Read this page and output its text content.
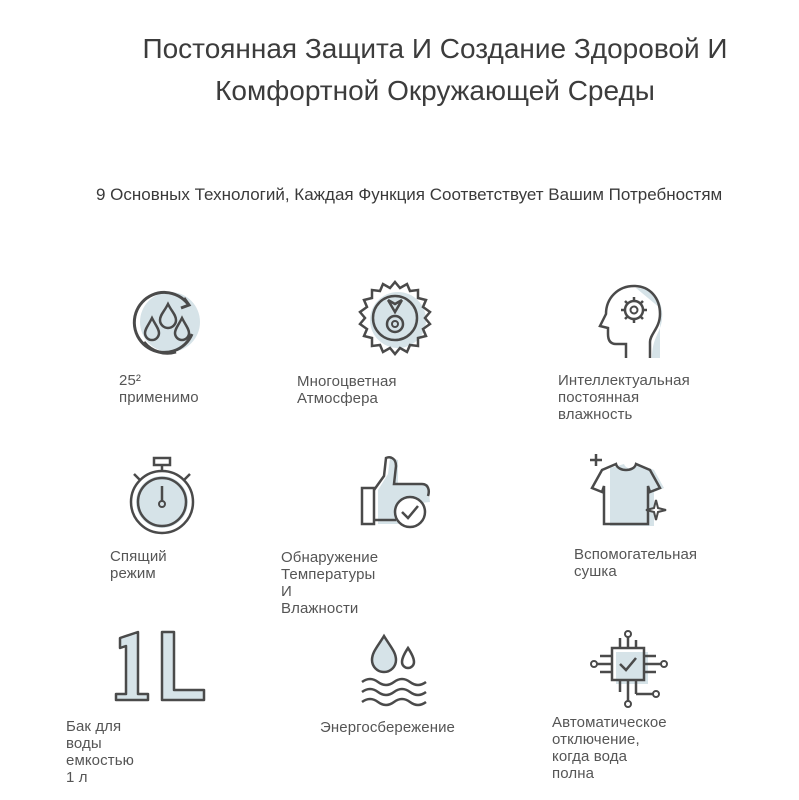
Постоянная Защита И Создание Здоровой И
Комфортной Окружающей Среды
9 Основных Технологий, Каждая Функция Соответствует Вашим Потребностям
25² применимо
Многоцветная Атмосфера
Интеллектуальная
постоянная влажность
Спящий режим
Обнаружение Температуры И
Влажности
Вспомогательная
сушка
Бак для воды емкостью 1 л
Энергосбережение	Автоматическое отключение,
когда вода полна
